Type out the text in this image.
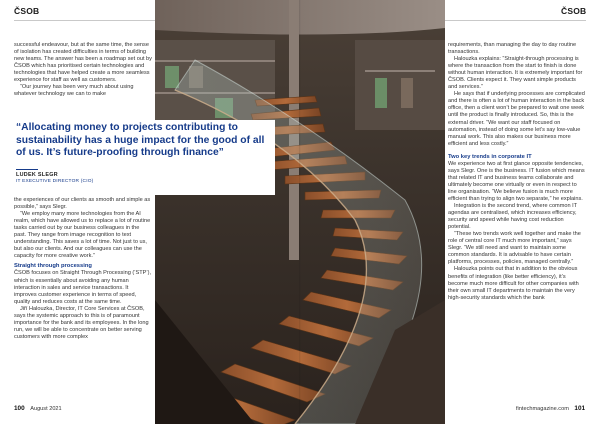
ČSOB	ČSOB

successful endeavour, but at the same time, the sense of isolation has created difficulties in terms of building new teams. The answer has been a roadmap set out by ČSOB which has prioritised certain technologies and technologies that have helped create a more seamless experience for staff as well as customers.

“Our journey has been very much about using whatever technology we can to make

“Allocating money to projects contributing to sustainability has a huge impact for the good of all of us. It’s future-proofing through finance”
LUDEK SLEGR
IT EXECUTIVE DIRECTOR (CIO)

the experiences of our clients as smooth and simple as possible,” says Slegr.

“We employ many more technologies from the AI realm, which have allowed us to replace a lot of routine tasks carried out by our business colleagues in the past. They range from image recognition to text understanding. This saves a lot of time. Not just to us, but also our clients. And our colleagues can use the capacity for more creative work.”

Straight through processing

ČSOB focuses on Straight Through Processing (‘STP’), which is essentially about avoiding any human interaction in sales and service transactions. It improves customer experience in terms of speed, quality and reduces costs at the same time.

Jiří Halouzka, Director, IT Core Services at ČSOB, says the systemic approach to this is of paramount importance for the bank and its employees. In the long run, we will be able to concentrate on better serving customers with more complex

requirements, than managing the day to day routine transactions.

Halouzka explains: “Straight-through processing is where the transaction from the start to finish is done without human interaction. It is extremely important for ČSOB. Clients expect it. They want simple products and services.”

He says that if underlying processes are complicated and there is often a lot of human interaction in the back office, then a client won’t be prepared to wait one week until the product is finally introduced. So, this is the external driver. “We want our staff focused on automation, instead of doing some let’s say low-value manual work. This also makes our business more efficient and less costly.”

Two key trends in corporate IT

We experience two at first glance opposite tendencies, says Slegr. One is the business. IT fusion which means that related IT and business teams collaborate and ultimately become one virtually or even in respect to line organisation. “We believe fusion is much more efficient than trying to align two separate,” he explains.

Integration is the second trend, where common IT agendas are centralised, which increases efficiency, security and speed while having cost reduction potential.

“These two trends work well together and make the role of central core IT much more important,” says Slegr. “We still need and want to maintain some common standards. It is advisable to have certain platforms, processes, policies, managed centrally.”

Halouzka points out that in addition to the obvious benefits of integration (like better efficiency), it’s become much more difficult for other companies with their own small IT departments to maintain the very high-security standards which the bank

100 August 2021	fintechmagazine.com 101
